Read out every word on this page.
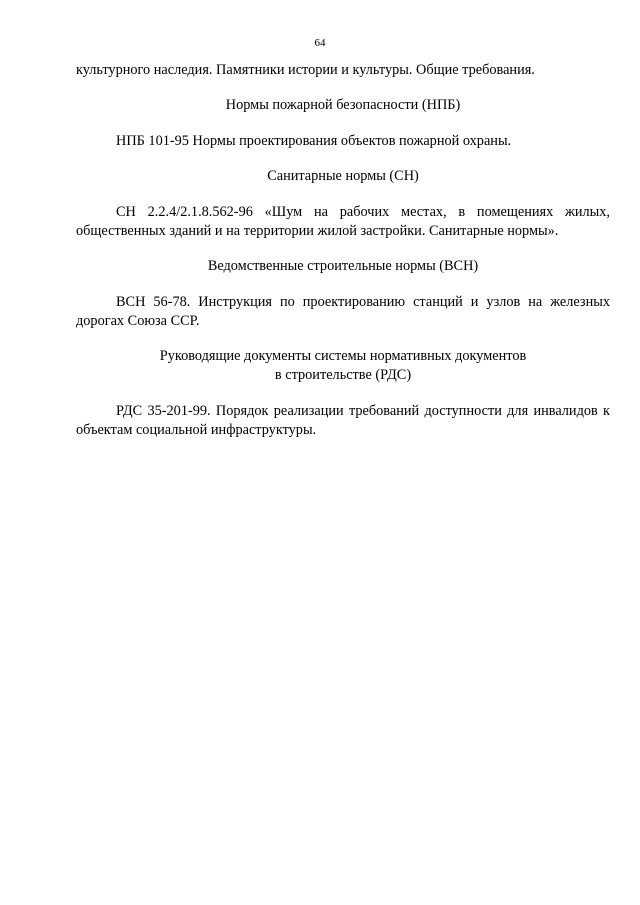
64

культурного наследия. Памятники истории и культуры. Общие требования.

Нормы пожарной безопасности (НПБ)

НПБ 101-95 Нормы проектирования объектов пожарной охраны.

Санитарные нормы (СН)

СН 2.2.4/2.1.8.562-96 «Шум на рабочих местах, в помещениях жилых, общественных зданий и на территории жилой застройки. Санитарные нормы».

Ведомственные строительные нормы (ВСН)

ВСН 56-78. Инструкция по проектированию станций и узлов на железных дорогах Союза ССР.

Руководящие документы системы нормативных документов
в строительстве (РДС)

РДС 35-201-99. Порядок реализации требований доступности для инвалидов к объектам социальной инфраструктуры.
